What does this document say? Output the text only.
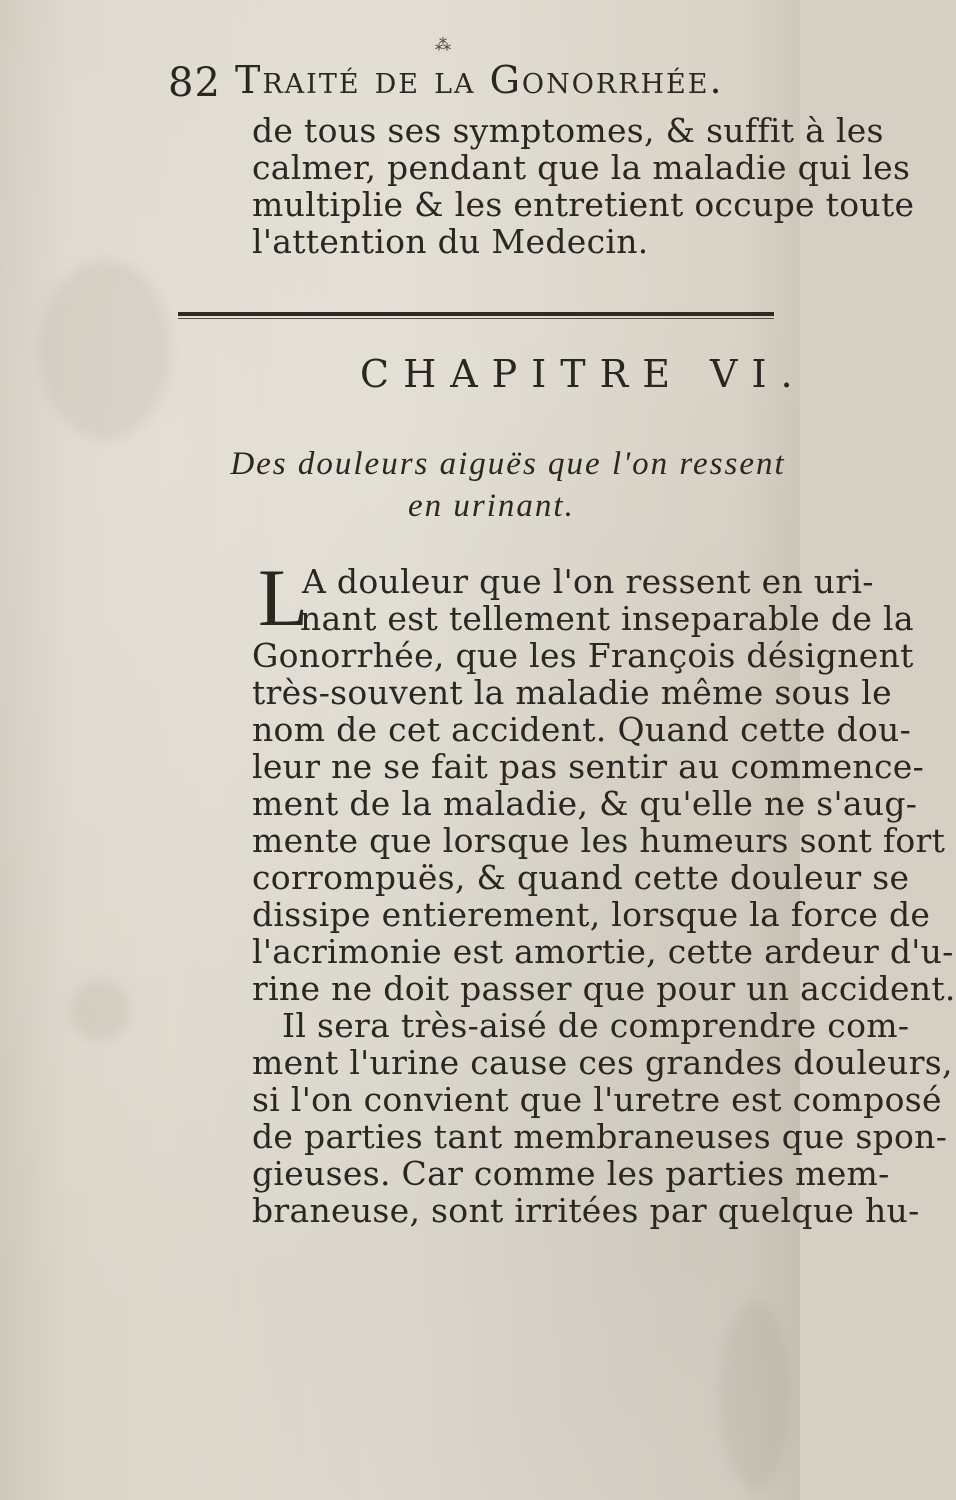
⁂
82 Traité de la Gonorrhée.
de tous ses symptomes, & suffit à les
calmer, pendant que la maladie qui les
multiplie & les entretient occupe toute
l'attention du Medecin.
CHAPITRE VI.
Des douleurs aiguës que l'on ressent
en urinant.
L
A douleur que l'on ressent en uri-
nant est tellement inseparable de la
Gonorrhée, que les François désignent
très-souvent la maladie même sous le
nom de cet accident. Quand cette dou-
leur ne se fait pas sentir au commence-
ment de la maladie, & qu'elle ne s'aug-
mente que lorsque les humeurs sont fort
corrompuës, & quand cette douleur se
dissipe entierement, lorsque la force de
l'acrimonie est amortie, cette ardeur d'u-
rine ne doit passer que pour un accident.
Il sera très-aisé de comprendre com-
ment l'urine cause ces grandes douleurs,
si l'on convient que l'uretre est composé
de parties tant membraneuses que spon-
gieuses. Car comme les parties mem-
braneuse, sont irritées par quelque hu-
